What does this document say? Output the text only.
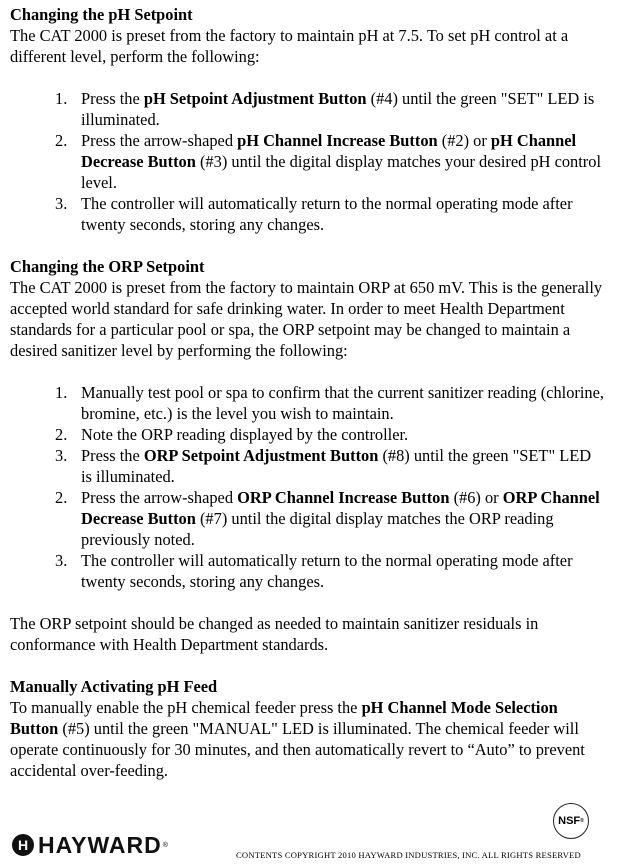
Changing the pH Setpoint

The CAT 2000 is preset from the factory to maintain pH at 7.5. To set pH control at a different level, perform the following:

1. Press the pH Setpoint Adjustment Button (#4) until the green "SET" LED is illuminated.
2. Press the arrow-shaped pH Channel Increase Button (#2) or pH Channel Decrease Button (#3) until the digital display matches your desired pH control level.
3. The controller will automatically return to the normal operating mode after twenty seconds, storing any changes.

Changing the ORP Setpoint

The CAT 2000 is preset from the factory to maintain ORP at 650 mV. This is the generally accepted world standard for safe drinking water. In order to meet Health Department standards for a particular pool or spa, the ORP setpoint may be changed to maintain a desired sanitizer level by performing the following:

1. Manually test pool or spa to confirm that the current sanitizer reading (chlorine, bromine, etc.) is the level you wish to maintain.
2. Note the ORP reading displayed by the controller.
3. Press the ORP Setpoint Adjustment Button (#8) until the green "SET" LED is illuminated.
2. Press the arrow-shaped ORP Channel Increase Button (#6) or ORP Channel Decrease Button (#7) until the digital display matches the ORP reading previously noted.
3. The controller will automatically return to the normal operating mode after twenty seconds, storing any changes.

The ORP setpoint should be changed as needed to maintain sanitizer residuals in conformance with Health Department standards.

Manually Activating pH Feed

To manually enable the pH chemical feeder press the pH Channel Mode Selection Button (#5) until the green "MANUAL" LED is illuminated. The chemical feeder will operate continuously for 30 minutes, and then automatically revert to “Auto” to prevent accidental over-feeding.

NSF ®
H HAYWARD ®
CONTENTS COPYRIGHT 2010 HAYWARD INDUSTRIES, INC. ALL RIGHTS RESERVED
